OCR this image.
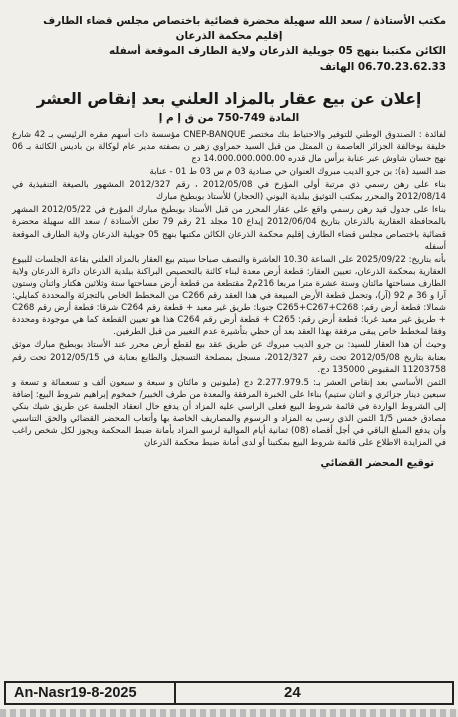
مكتب الأستاذة / سعد الله سهيلة محضرة قضائية باختصاص مجلس قضاء الطارف
إقليم محكمة الذرعان
الكائن مكتبنا بنهج 05 جويلية الذرعان ولاية الطارف الموقعة أسفله
06.70.23.62.33 الهاتف
إعلان عن بيع عقار بالمزاد العلني بعد إنقاص العشر
المادة 749-750 من ق إ م إ

لفائدة : الصندوق الوطني للتوفير والاحتياط بنك مختصر CNEP-BANQUE مؤسسة ذات أسهم مقره الرئيسي بـ 42 شارع خليفة بوخالفة الجزائر العاصمة ن الممثل من قبل السيد حمراوي زهير ن بصفته مدير عام لوكالة بن باديس الكائنة بـ 06 نهج حسان شاوش عبر عنابة برأس مال قدره 14.000.000.000.00 دج

ضد السيد (ة): بن جرو الديب مبروك العنوان حي صنادية 03 م س 03 ط 01 - عنابة

بناء على رهن رسمي ذي مرتبة أولى المؤرخ في 2012/05/08 ، رقم 2012/327 المشهور بالصيغة التنفيذية في 2012/08/14 والمحرر بمكتب التوثيق ببلدية البوني (الحجار) للأستاذ بوبطيخ مبارك

بناءا على جدول قيد رهن رسمي واقع على عقار المحرر من قبل الأستاذ بوبطيخ مبارك المؤرخ في 2012/05/22 المشهر بالمحافظة العقارية بالذرعان بتاريخ 2012/06/04 إيداع 10 مجلد 21 رقم 79 تعلن الأستاذة / سعد الله سهيلة محضرة قضائية باختصاص مجلس قضاء الطارف إقليم محكمة الذرعان الكائن مكتبها بنهج 05 جويلية الذرعان ولاية الطارف الموقعة أسفله

بأنه بتاريخ: 2025/09/22 على الساعة 10.30 العاشرة والنصف صباحا سيتم بيع العقار بالمزاد العلني بقاعة الجلسات للبيوع العقارية بمحكمة الذرعان، تعيين العقار: قطعة أرض معدة لبناء كائنة بالتحصيص البراكنة ببلدية الذرعان دائرة الذرعان ولاية الطارف مساحتها مائتان وستة عشرة مترا مربعا 216م2 مقتطعة من قطعة أرض مساحتها ستة وثلاثين هكتار واثنان وستون آرا و 36 م 92 (آر)، وتحمل قطعة الأرض المبيعة في هذا العقد رقم C266 من المخطط الخاص بالتجزئة والمحددة كمايلي: شمالا: قطعة أرض رقم: C265+C267+C268 جنوبا: طريق غير معبد + قطعة رقم C264 شرقا: قطعة أرض رقم C268 + طريق غير معبد غربا: قطعة أرض رقم: C265 + قطعة أرض رقم C264 هذا هو تعيين القطعة كما هي موجودة ومحددة وفقا لمخطط خاص يبقى مرفقة بهذا العقد بعد أن حظي بتأشيرة عدم التغيير من قبل الطرفين.

وحيث أن هذا العقار للسيد: بن جرو الديب مبروك عن طريق عقد بيع لقطع أرض محرر عند الأستاذ بوبطيخ مبارك موثق بعنابة بتاريخ 2012/05/08 تحت رقم 2012/327، مسجل بمصلحة التسجيل والطابع بعنابة في 2012/05/15 تحت رقم 11203758 المقبوض 135000 دج.

الثمن الأساسي بعد إنقاص العشر بـ: 2.277.979.5 دج (مليونين و مائتان و سبعة و سبعون ألف و تسعمائة و تسعة و سبعين دينار جزائري و اثنان ستيم) بناءا على الخبرة المرفقة والمعدة من طرف الخبير/ خمخوم إبراهيم شروط البيع: إضافة إلى الشروط الواردة في قائمة شروط البيع فعلى الراسي عليه المزاد أن يدفع حال انعقاد الجلسة عن طريق شيك بنكي مصادق خمس 1/5 الثمن الذي رسى به المزاد و الرسوم والمصاريف الخاصة بها وأتعاب المحضر القضائي والحق التناسبي وأن يدفع المبلغ الباقي في أجل أقصاه (08) ثمانية أيام الموالية لرسو المزاد بأمانة ضبط المحكمة ويجوز لكل شخص راغب في المزايدة الاطلاع على قائمة شروط البيع بمكتبنا أو لدى أمانة ضبط محكمة الذرعان

توقيع المحضر القضائي
An-Nasr19-8-2025	24
